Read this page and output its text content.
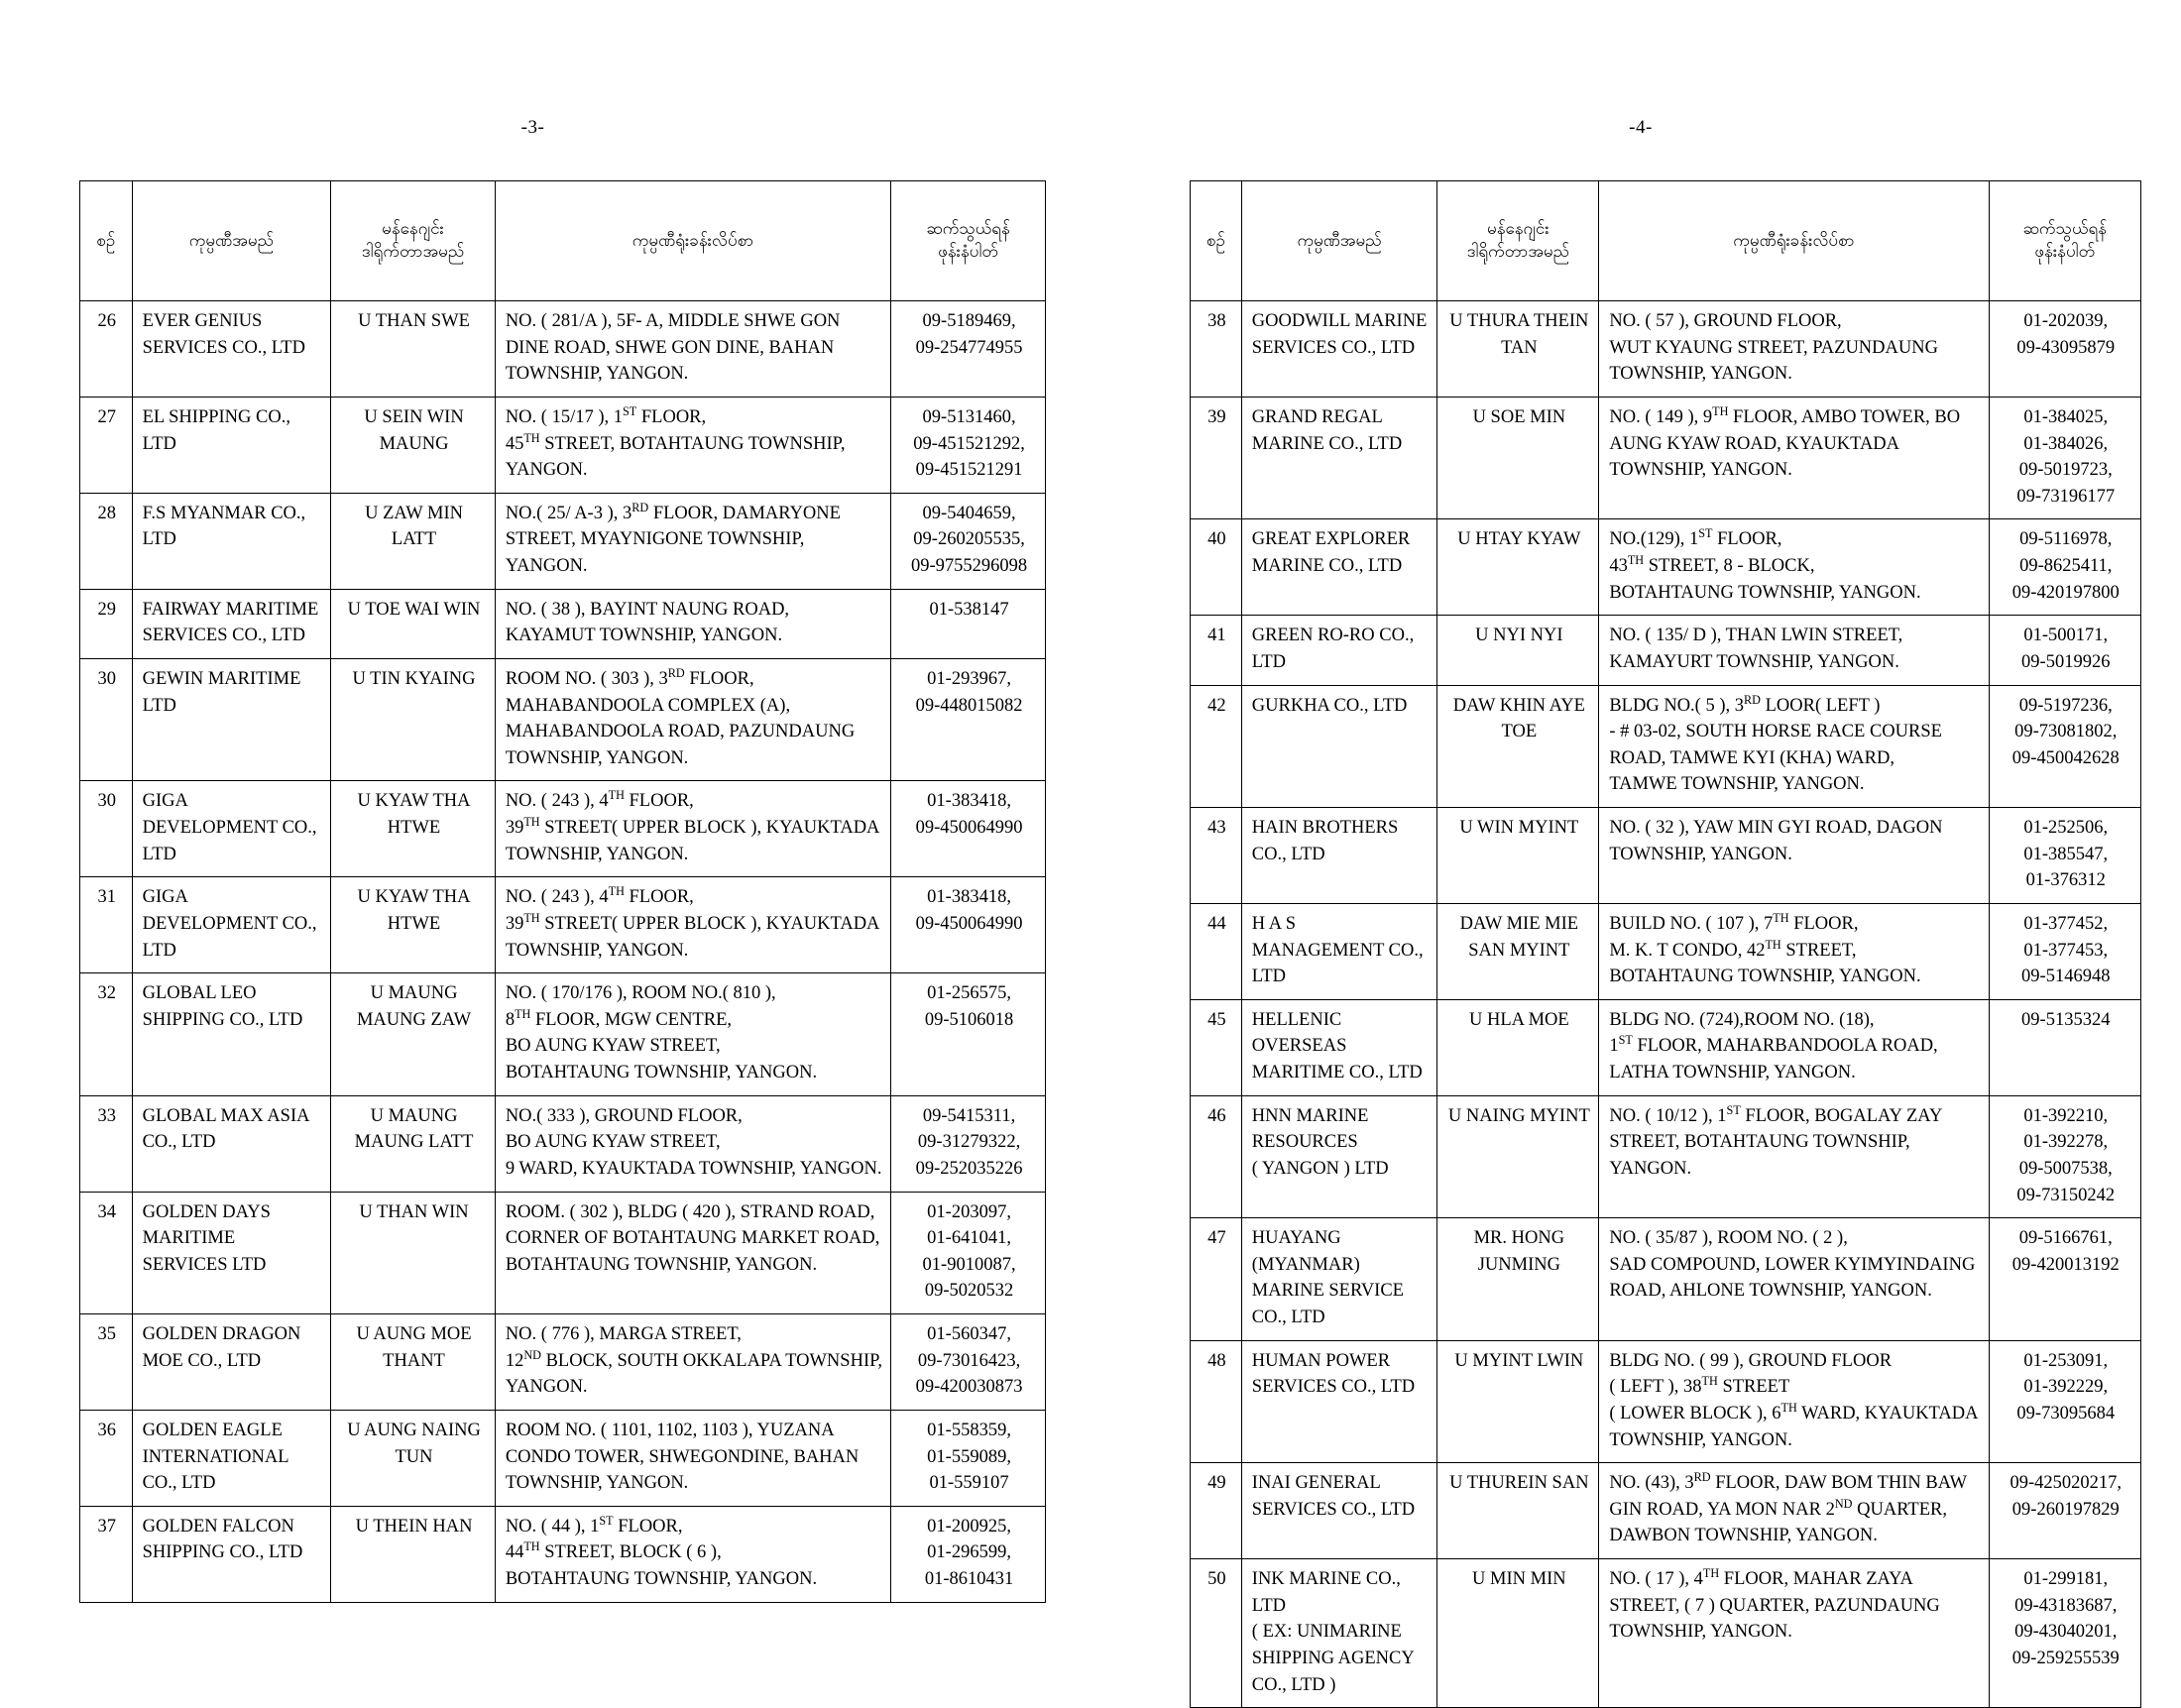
-3-
စဉ်	ကုမ္ပဏီအမည်	မန်နေဂျင်း
ဒါရိုက်တာအမည်	ကုမ္ပဏီရုံးခန်းလိပ်စာ	ဆက်သွယ်ရန်
ဖုန်းနံပါတ်

26	EVER GENIUS SERVICES CO., LTD	U THAN SWE	NO. ( 281/A ), 5F- A, MIDDLE SHWE GON DINE ROAD, SHWE GON DINE, BAHAN TOWNSHIP, YANGON.	09-5189469,
09-254774955

27	EL SHIPPING CO., LTD	U SEIN WIN MAUNG	NO. ( 15/17 ), 1ST FLOOR,
45TH STREET, BOTAHTAUNG TOWNSHIP, YANGON.	09-5131460,
09-451521292,
09-451521291

28	F.S MYANMAR CO., LTD	U ZAW MIN LATT	NO.( 25/ A-3 ), 3RD FLOOR, DAMARYONE STREET, MYAYNIGONE TOWNSHIP, YANGON.	09-5404659,
09-260205535,
09-9755296098

29	FAIRWAY MARITIME SERVICES CO., LTD	U TOE WAI WIN	NO. ( 38 ), BAYINT NAUNG ROAD, KAYAMUT TOWNSHIP, YANGON.	01-538147

30	GEWIN MARITIME LTD	U TIN KYAING	ROOM NO. ( 303 ), 3RD FLOOR, MAHABANDOOLA COMPLEX (A), MAHABANDOOLA ROAD, PAZUNDAUNG TOWNSHIP, YANGON.	01-293967,
09-448015082

30	GIGA DEVELOPMENT CO., LTD	U KYAW THA HTWE	NO. ( 243 ), 4TH FLOOR,
39TH STREET( UPPER BLOCK ), KYAUKTADA TOWNSHIP, YANGON.	01-383418,
09-450064990

31	GIGA DEVELOPMENT CO., LTD	U KYAW THA HTWE	NO. ( 243 ), 4TH FLOOR,
39TH STREET( UPPER BLOCK ), KYAUKTADA TOWNSHIP, YANGON.	01-383418,
09-450064990

32	GLOBAL LEO SHIPPING CO., LTD	U MAUNG MAUNG ZAW	NO. ( 170/176 ), ROOM NO.( 810 ),
8TH FLOOR, MGW CENTRE,
BO AUNG KYAW STREET,
BOTAHTAUNG TOWNSHIP, YANGON.	01-256575,
09-5106018

33	GLOBAL MAX ASIA CO., LTD	U MAUNG MAUNG LATT	NO.( 333 ), GROUND FLOOR,
BO AUNG KYAW STREET,
9 WARD, KYAUKTADA TOWNSHIP, YANGON.	09-5415311,
09-31279322,
09-252035226

34	GOLDEN DAYS MARITIME SERVICES LTD	U THAN WIN	ROOM. ( 302 ), BLDG ( 420 ), STRAND ROAD, CORNER OF BOTAHTAUNG MARKET ROAD, BOTAHTAUNG TOWNSHIP, YANGON.	01-203097,
01-641041,
01-9010087,
09-5020532

35	GOLDEN DRAGON MOE CO., LTD	U AUNG MOE THANT	NO. ( 776 ), MARGA STREET,
12ND BLOCK, SOUTH OKKALAPA TOWNSHIP, YANGON.	01-560347,
09-73016423,
09-420030873

36	GOLDEN EAGLE INTERNATIONAL CO., LTD	U AUNG NAING TUN	ROOM NO. ( 1101, 1102, 1103 ), YUZANA CONDO TOWER, SHWEGONDINE, BAHAN TOWNSHIP, YANGON.	01-558359,
01-559089,
01-559107

37	GOLDEN FALCON SHIPPING CO., LTD	U THEIN HAN	NO. ( 44 ), 1ST FLOOR,
44TH STREET, BLOCK ( 6 ),
BOTAHTAUNG TOWNSHIP, YANGON.	01-200925,
01-296599,
01-8610431
-4-
စဉ်	ကုမ္ပဏီအမည်	မန်နေဂျင်း
ဒါရိုက်တာအမည်	ကုမ္ပဏီရုံးခန်းလိပ်စာ	ဆက်သွယ်ရန်
ဖုန်းနံပါတ်

38	GOODWILL MARINE SERVICES CO., LTD	U THURA THEIN TAN	NO. ( 57 ), GROUND FLOOR,
WUT KYAUNG STREET, PAZUNDAUNG TOWNSHIP, YANGON.	01-202039,
09-43095879

39	GRAND REGAL MARINE CO., LTD	U SOE MIN	NO. ( 149 ), 9TH FLOOR, AMBO TOWER, BO AUNG KYAW ROAD, KYAUKTADA TOWNSHIP, YANGON.	01-384025,
01-384026,
09-5019723,
09-73196177

40	GREAT EXPLORER MARINE CO., LTD	U HTAY KYAW	NO.(129), 1ST FLOOR,
43TH STREET, 8 - BLOCK,
BOTAHTAUNG TOWNSHIP, YANGON.	09-5116978,
09-8625411,
09-420197800

41	GREEN RO-RO CO., LTD	U NYI NYI	NO. ( 135/ D ), THAN LWIN STREET, KAMAYURT TOWNSHIP, YANGON.	01-500171,
09-5019926

42	GURKHA CO., LTD	DAW KHIN AYE TOE	BLDG NO.( 5 ), 3RD LOOR( LEFT )
- # 03-02, SOUTH HORSE RACE COURSE ROAD, TAMWE KYI (KHA) WARD,
TAMWE TOWNSHIP, YANGON.	09-5197236,
09-73081802,
09-450042628

43	HAIN BROTHERS CO., LTD	U WIN MYINT	NO. ( 32 ), YAW MIN GYI ROAD, DAGON TOWNSHIP, YANGON.	01-252506,
01-385547,
01-376312

44	H A S MANAGEMENT CO., LTD	DAW MIE MIE SAN MYINT	BUILD NO. ( 107 ), 7TH FLOOR,
M. K. T CONDO, 42TH STREET, BOTAHTAUNG TOWNSHIP, YANGON.	01-377452,
01-377453,
09-5146948

45	HELLENIC OVERSEAS MARITIME CO., LTD	U HLA MOE	BLDG NO. (724),ROOM NO. (18),
1ST FLOOR, MAHARBANDOOLA ROAD, LATHA TOWNSHIP, YANGON.	09-5135324

46	HNN MARINE RESOURCES
( YANGON ) LTD	U NAING MYINT	NO. ( 10/12 ), 1ST FLOOR, BOGALAY ZAY STREET, BOTAHTAUNG TOWNSHIP, YANGON.	01-392210,
01-392278,
09-5007538,
09-73150242

47	HUAYANG (MYANMAR) MARINE SERVICE CO., LTD	MR. HONG JUNMING	NO. ( 35/87 ), ROOM NO. ( 2 ),
SAD COMPOUND, LOWER KYIMYINDAING ROAD, AHLONE TOWNSHIP, YANGON.	09-5166761,
09-420013192

48	HUMAN POWER SERVICES CO., LTD	U MYINT LWIN	BLDG NO. ( 99 ), GROUND FLOOR
( LEFT ), 38TH STREET
( LOWER BLOCK ), 6TH WARD, KYAUKTADA TOWNSHIP, YANGON.	01-253091,
01-392229,
09-73095684

49	INAI GENERAL SERVICES CO., LTD	U THUREIN SAN	NO. (43), 3RD FLOOR, DAW BOM THIN BAW GIN ROAD, YA MON NAR 2ND QUARTER, DAWBON TOWNSHIP, YANGON.	09-425020217,
09-260197829

50	INK MARINE CO., LTD
( EX: UNIMARINE
SHIPPING AGENCY
CO., LTD )	U MIN MIN	NO. ( 17 ), 4TH FLOOR, MAHAR ZAYA STREET, ( 7 ) QUARTER, PAZUNDAUNG TOWNSHIP, YANGON.	01-299181,
09-43183687,
09-43040201,
09-259255539
